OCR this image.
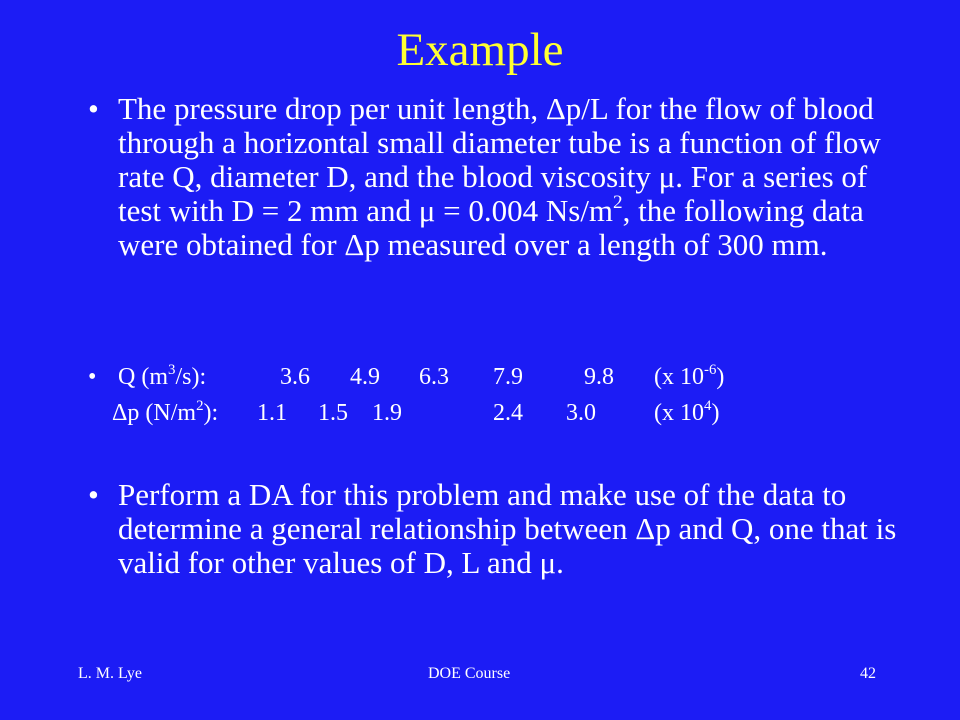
Example
• The pressure drop per unit length, Δp/L for the flow of blood through a horizontal small diameter tube is a function of flow rate Q, diameter D, and the blood viscosity μ. For a series of test with D = 2 mm and μ = 0.004 $Ns/m^2$, the following data were obtained for Δp measured over a length of 300 mm.
• Q $(m^3/s)$:	3.6 4.9 6.3 7.9	9.8 (x $10^{-6}$)
Δp $(N/m^2)$: 1.1 1.5 1.9	2.4 3.0 (x $10^4$)
• Perform a DA for this problem and make use of the data to determine a general relationship between Δp and Q, one that is valid for other values of D, L and μ.
L. M. Lye	DOE Course	42
